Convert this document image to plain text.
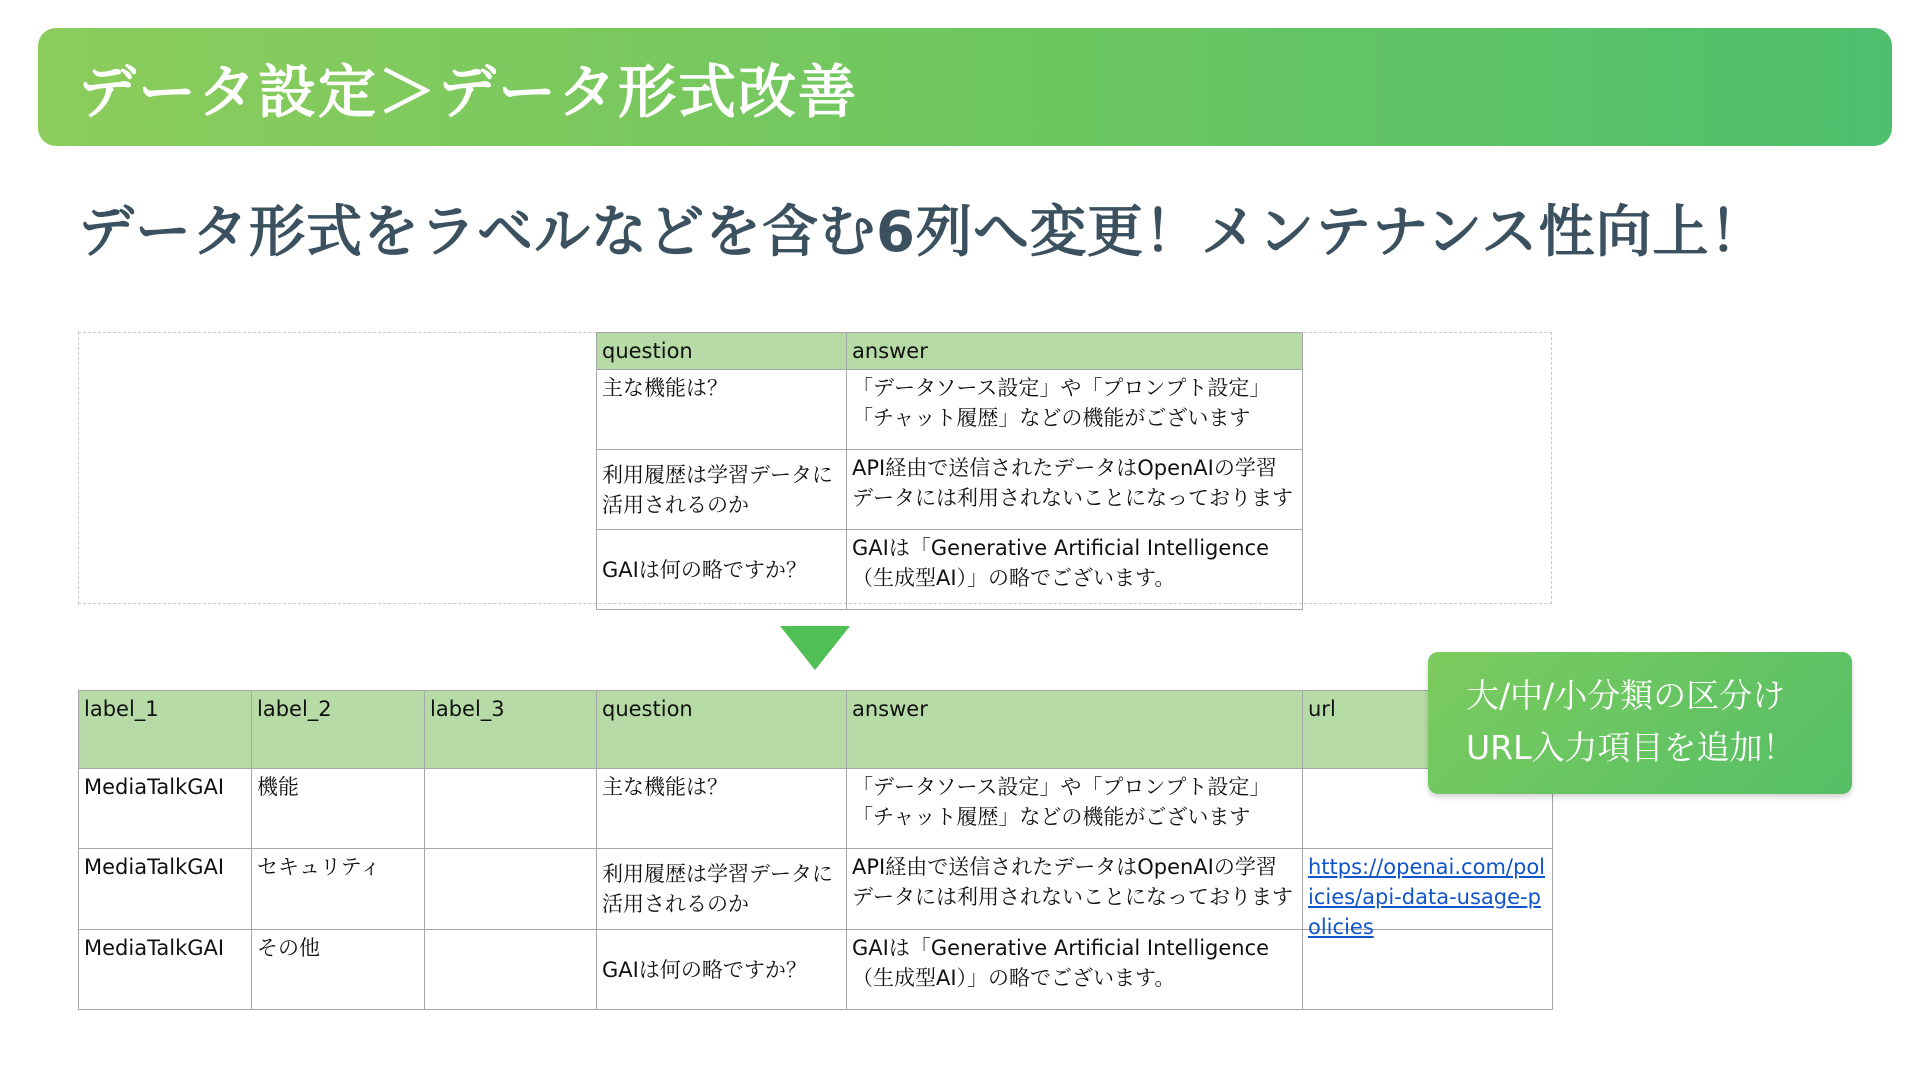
データ設定＞データ形式改善
データ形式をラベルなどを含む6列へ変更！メンテナンス性向上！
question	answer

主な機能は？	「データソース設定」や「プロンプト設定」「チャット履歴」などの機能がございます

利用履歴は学習データに活用されるのか	API経由で送信されたデータはOpenAIの学習データには利用されないことになっております

GAIは何の略ですか？	GAIは「Generative Artificial Intelligence（生成型AI）」の略でございます。
label_1	label_2	label_3	question	answer	url

MediaTalkGAI	機能		主な機能は？	「データソース設定」や「プロンプト設定」「チャット履歴」などの機能がございます	

MediaTalkGAI	セキュリティ		利用履歴は学習データに活用されるのか	API経由で送信されたデータはOpenAIの学習データには利用されないことになっております	https://openai.com/policies/api-data-usage-policies

MediaTalkGAI	その他		GAIは何の略ですか？	GAIは「Generative Artificial Intelligence（生成型AI）」の略でございます。	

大/中/小分類の区分け
URL入力項目を追加！
